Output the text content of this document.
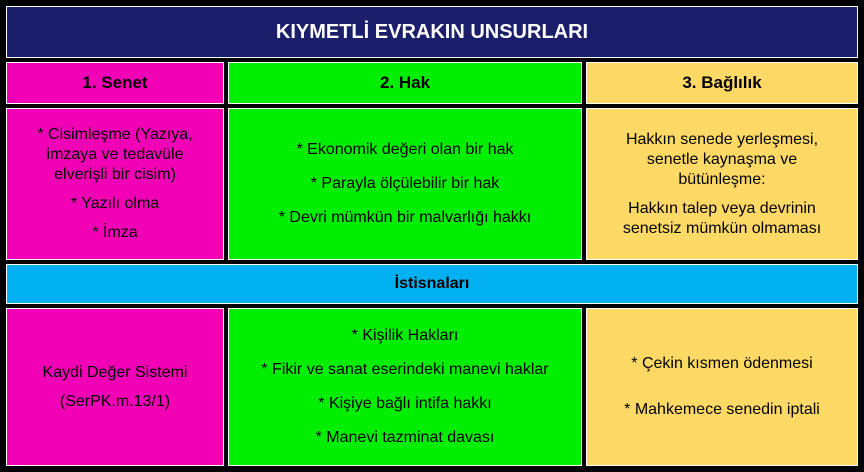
KIYMETLİ EVRAKIN UNSURLARI
1. Senet	2. Hak	3. Bağlılık
* Cisimleşme (Yazıya,
imzaya ve tedavüle
elverişli bir cisim)
* Yazılı olma
* İmza
* Ekonomik değeri olan bir hak
* Parayla ölçülebilir bir hak
* Devri mümkün bir malvarlığı hakkı
Hakkın senede yerleşmesi,
senetle kaynaşma ve
bütünleşme:
Hakkın talep veya devrinin
senetsiz mümkün olmaması
İstisnaları
Kaydi Değer Sistemi
(SerPK.m.13/1)
* Kişilik Hakları
* Fikir ve sanat eserindeki manevi haklar
* Kişiye bağlı intifa hakkı
* Manevi tazminat davası
* Çekin kısmen ödenmesi
* Mahkemece senedin iptali
